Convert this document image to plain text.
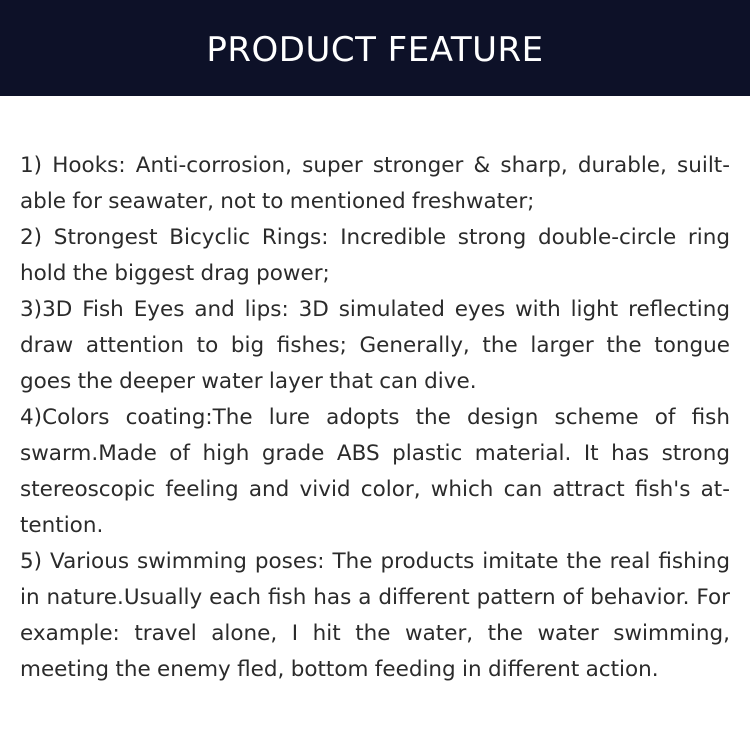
PRODUCT FEATURE

1) Hooks: Anti-corrosion, super stronger & sharp, durable, suiltable for seawater, not to mentioned freshwater;

2) Strongest Bicyclic Rings: Incredible strong double-circle ring hold the biggest drag power;

3)3D Fish Eyes and lips: 3D simulated eyes with light reflecting draw attention to big fishes; Generally, the larger the tongue goes the deeper water layer that can dive.

4)Colors coating:The lure adopts the design scheme of fish swarm.Made of high grade ABS plastic material. It has strong stereoscopic feeling and vivid color, which can attract fish's attention.

5) Various swimming poses: The products imitate the real fishing in nature.Usually each fish has a different pattern of behavior. For example: travel alone, I hit the water, the water swimming, meeting the enemy fled, bottom feeding in different action.
